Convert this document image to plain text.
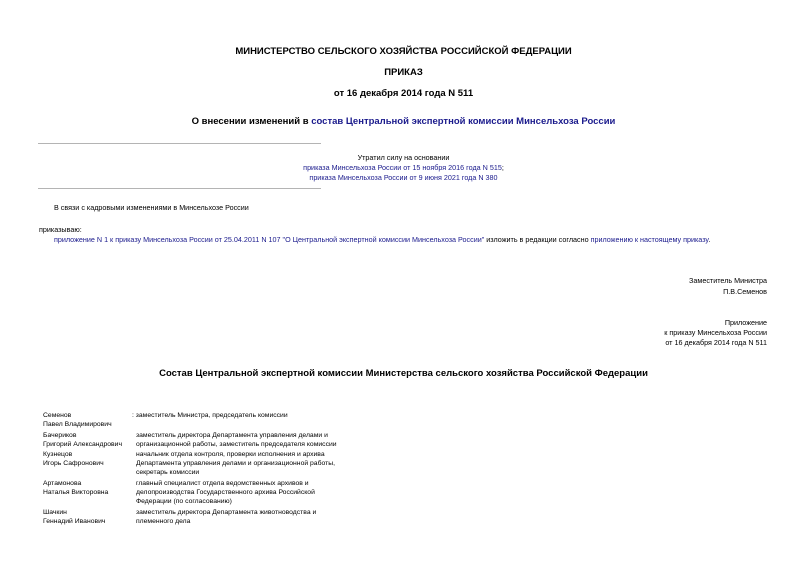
МИНИСТЕРСТВО СЕЛЬСКОГО ХОЗЯЙСТВА РОССИЙСКОЙ ФЕДЕРАЦИИ
ПРИКАЗ
от 16 декабря 2014 года N 511
О внесении изменений в состав Центральной экспертной комиссии Минсельхоза России
Утратил силу на основании
приказа Минсельхоза России от 15 ноября 2016 года N 515;
приказа Минсельхоза России от 9 июня 2021 года N 380
В связи с кадровыми изменениями в Минсельхозе России
приказываю:
приложение N 1 к приказу Минсельхоза России от 25.04.2011 N 107 "О Центральной экспертной комиссии Минсельхоза России" изложить в редакции согласно приложению к настоящему приказу.
Заместитель Министра
П.В.Семенов
Приложение
к приказу Минсельхоза России
от 16 декабря 2014 года N 511
Состав Центральной экспертной комиссии Министерства сельского хозяйства Российской Федерации
Семенов
Павел Владимирович
: заместитель Министра, председатель комиссии
Бачериков
Григорий Александрович
заместитель директора Департамента управления делами и
организационной работы, заместитель председателя комиссии
Кузнецов
Игорь Сафронович
начальник отдела контроля, проверки исполнения и архива
Департамента управления делами и организационной работы,
секретарь комиссии
Артамонова
Наталья Викторовна
главный специалист отдела ведомственных архивов и
делопроизводства Государственного архива Российской
Федерации (по согласованию)
Шачкин
Геннадий Иванович
заместитель директора Департамента животноводства и
племенного дела
